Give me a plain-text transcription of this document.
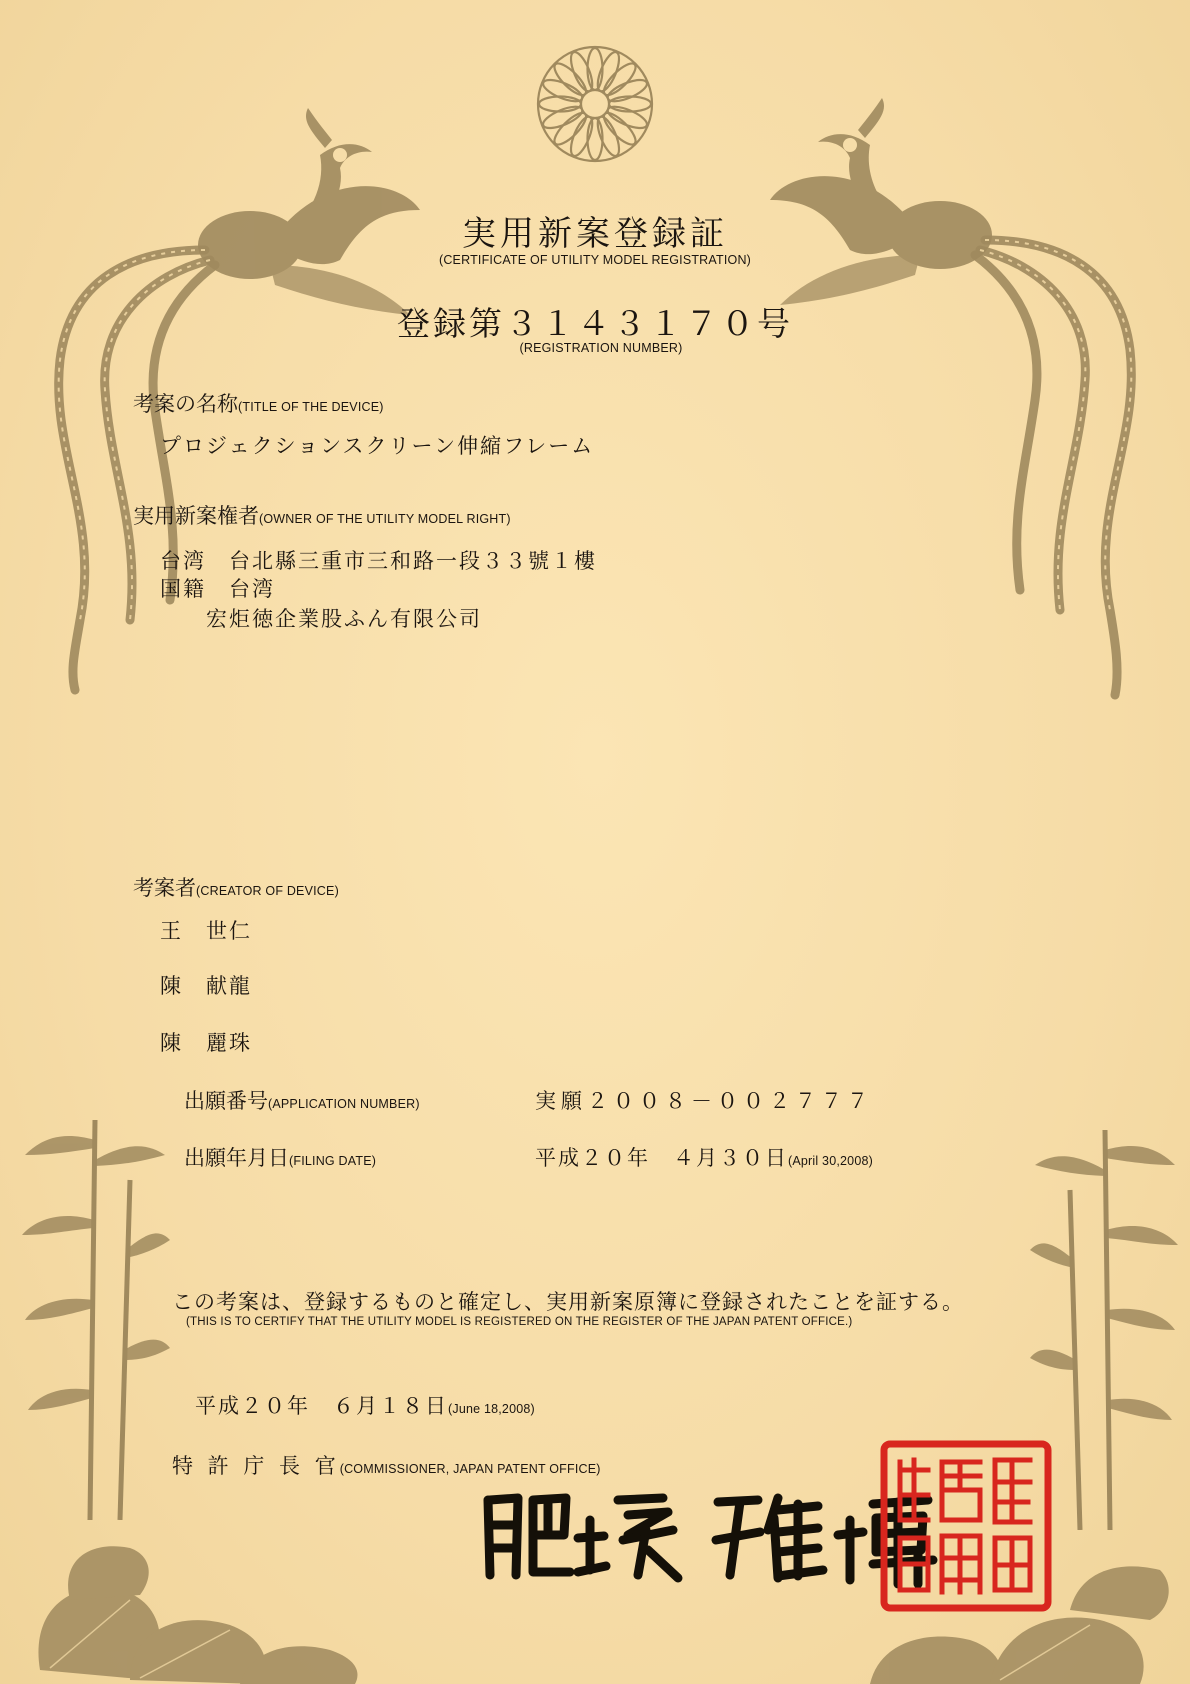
実用新案登録証
(CERTIFICATE OF UTILITY MODEL REGISTRATION)
登録第３１４３１７０号
(REGISTRATION NUMBER)
考案の名称(TITLE OF THE DEVICE)
プロジェクションスクリーン伸縮フレーム
実用新案権者(OWNER OF THE UTILITY MODEL RIGHT)
台湾　台北縣三重市三和路一段３３號１樓
国籍　台湾
宏炬徳企業股ふん有限公司
考案者(CREATOR OF DEVICE)
王　世仁
陳　献龍
陳　麗珠
出願番号(APPLICATION NUMBER)	実願２００８－００２７７７
出願年月日(FILING DATE)	平成２０年　４月３０日(April 30,2008)
この考案は、登録するものと確定し、実用新案原簿に登録されたことを証する。
(THIS IS TO CERTIFY THAT THE UTILITY MODEL IS REGISTERED ON THE REGISTER OF THE JAPAN PATENT OFFICE.)
平成２０年　６月１８日(June 18,2008)
特 許 庁 長 官(COMMISSIONER, JAPAN PATENT OFFICE)
